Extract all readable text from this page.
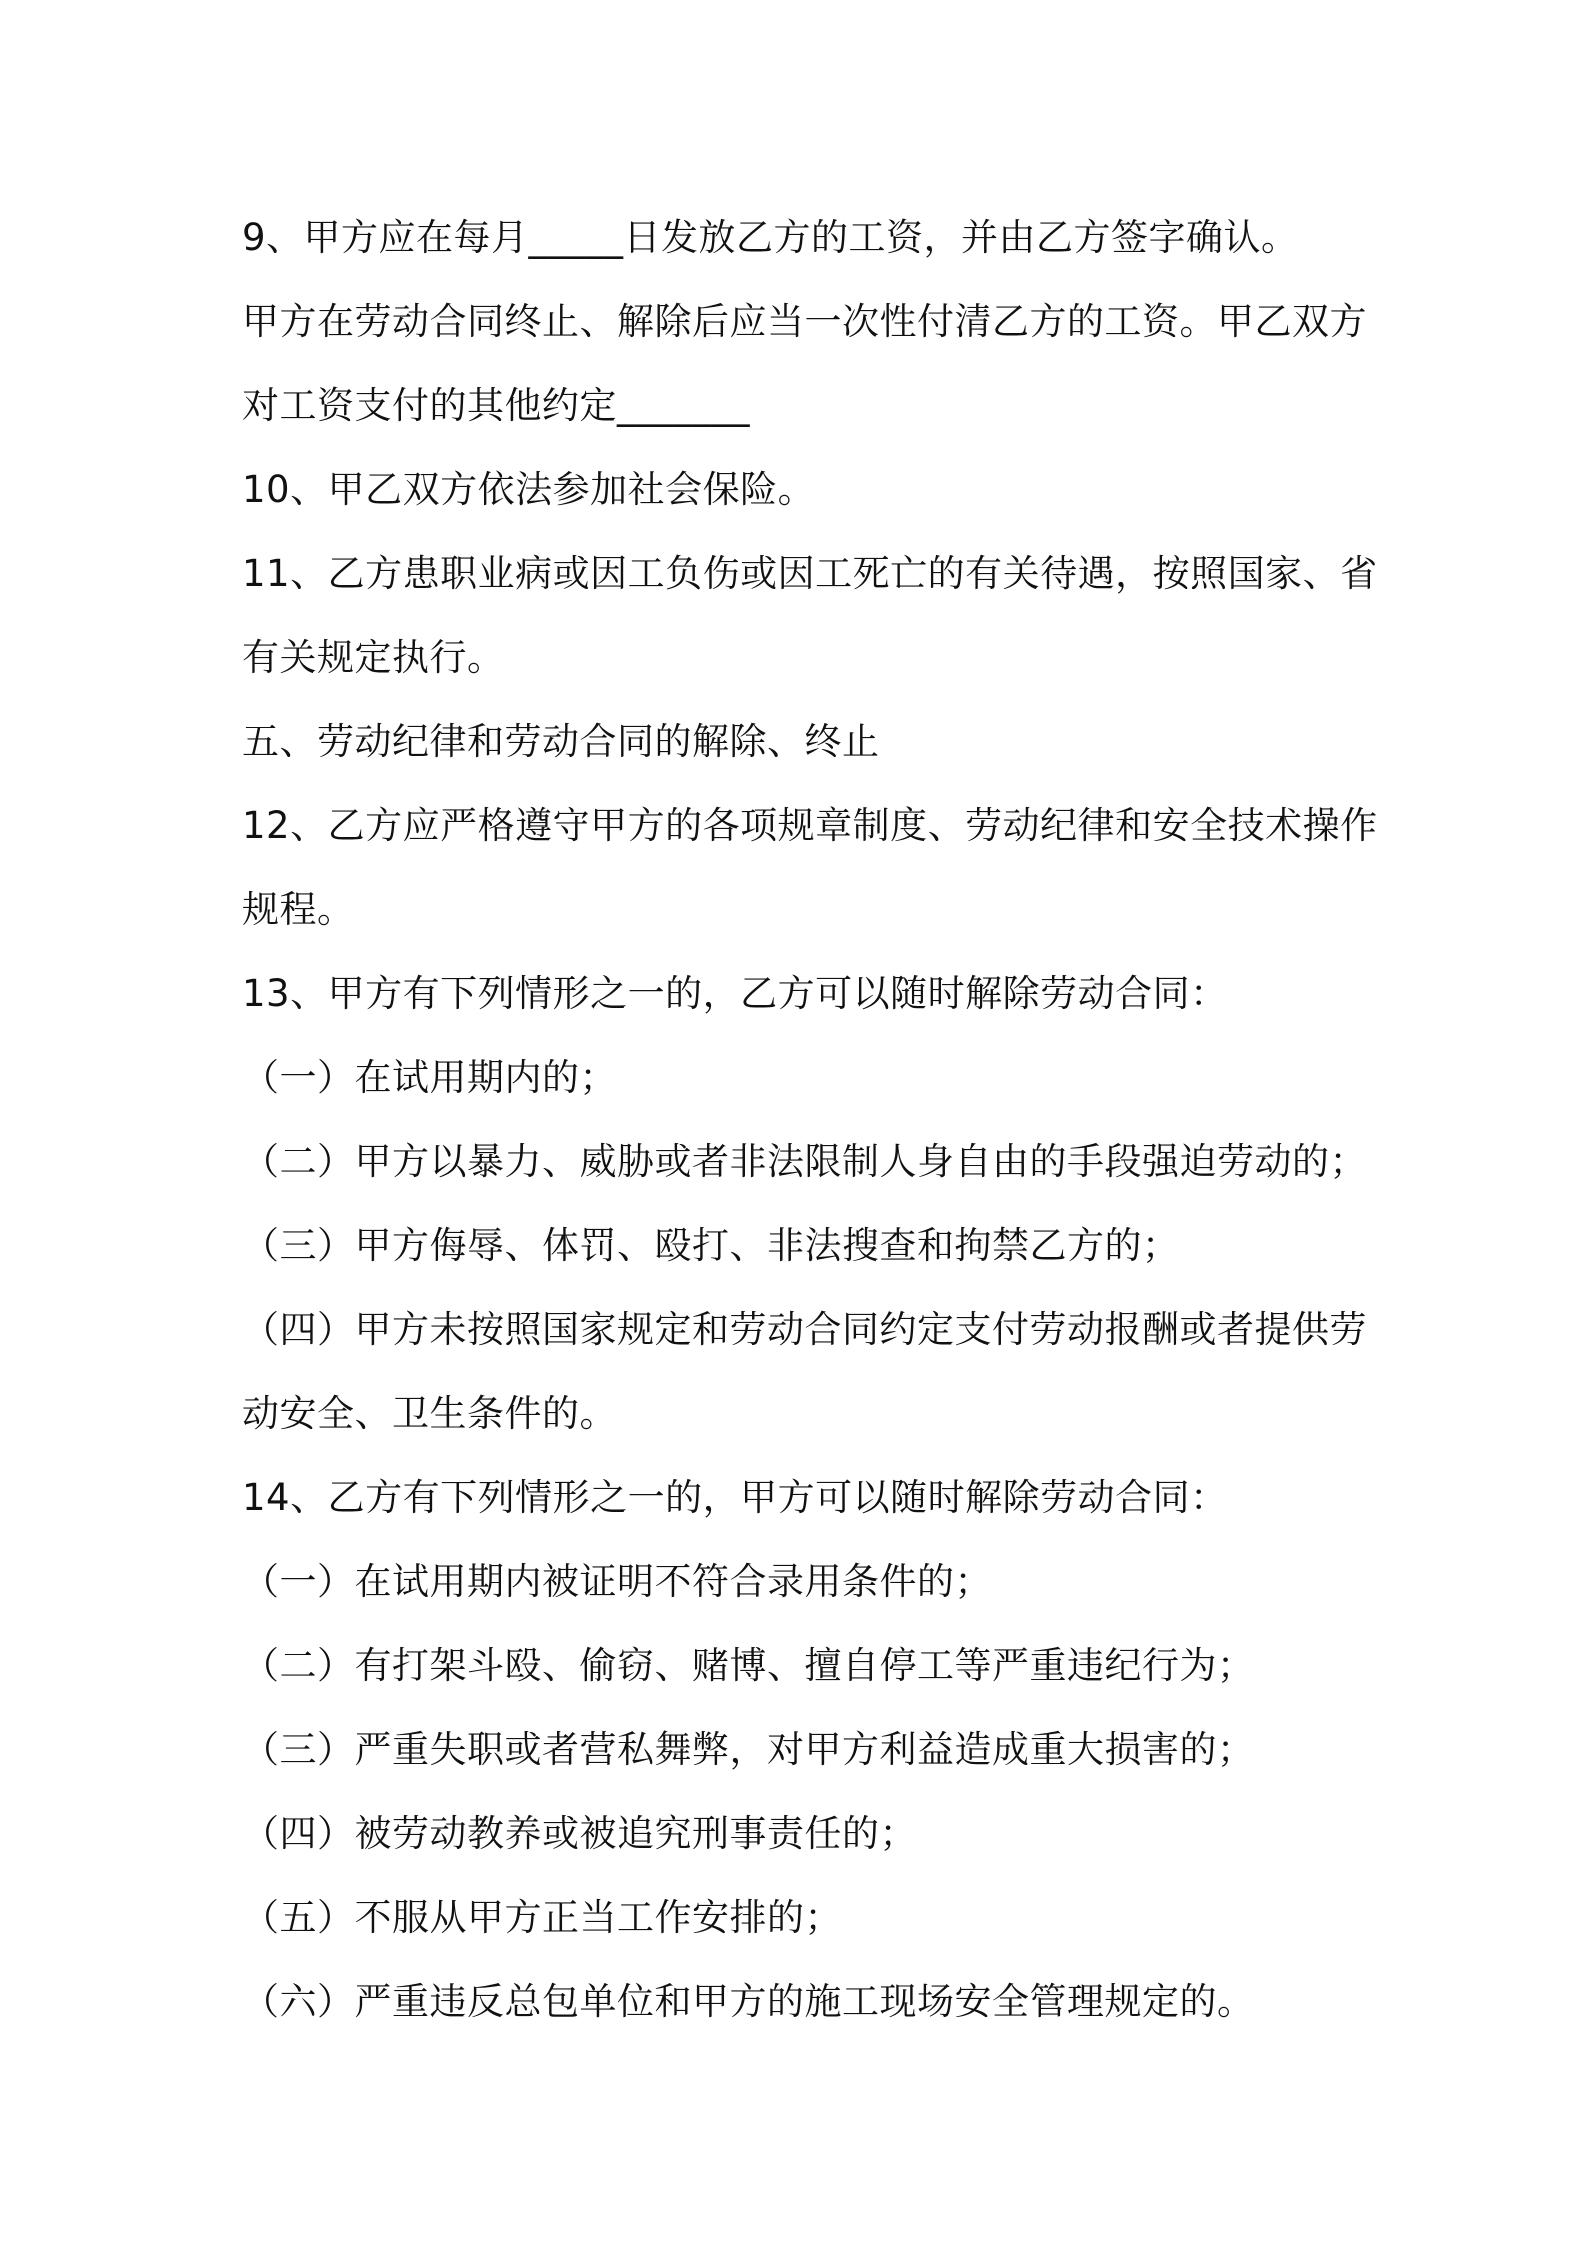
9、甲方应在每月_____日发放乙方的工资，并由乙方签字确认。
甲方在劳动合同终止、解除后应当一次性付清乙方的工资。甲乙双方
对工资支付的其他约定_______
10、甲乙双方依法参加社会保险。
11、乙方患职业病或因工负伤或因工死亡的有关待遇，按照国家、省
有关规定执行。
五、劳动纪律和劳动合同的解除、终止
12、乙方应严格遵守甲方的各项规章制度、劳动纪律和安全技术操作
规程。
13、甲方有下列情形之一的，乙方可以随时解除劳动合同：
（一）在试用期内的；
（二）甲方以暴力、威胁或者非法限制人身自由的手段强迫劳动的；
（三）甲方侮辱、体罚、殴打、非法搜查和拘禁乙方的；
（四）甲方未按照国家规定和劳动合同约定支付劳动报酬或者提供劳
动安全、卫生条件的。
14、乙方有下列情形之一的，甲方可以随时解除劳动合同：
（一）在试用期内被证明不符合录用条件的；
（二）有打架斗殴、偷窃、赌博、擅自停工等严重违纪行为；
（三）严重失职或者营私舞弊，对甲方利益造成重大损害的；
（四）被劳动教养或被追究刑事责任的；
（五）不服从甲方正当工作安排的；
（六）严重违反总包单位和甲方的施工现场安全管理规定的。
